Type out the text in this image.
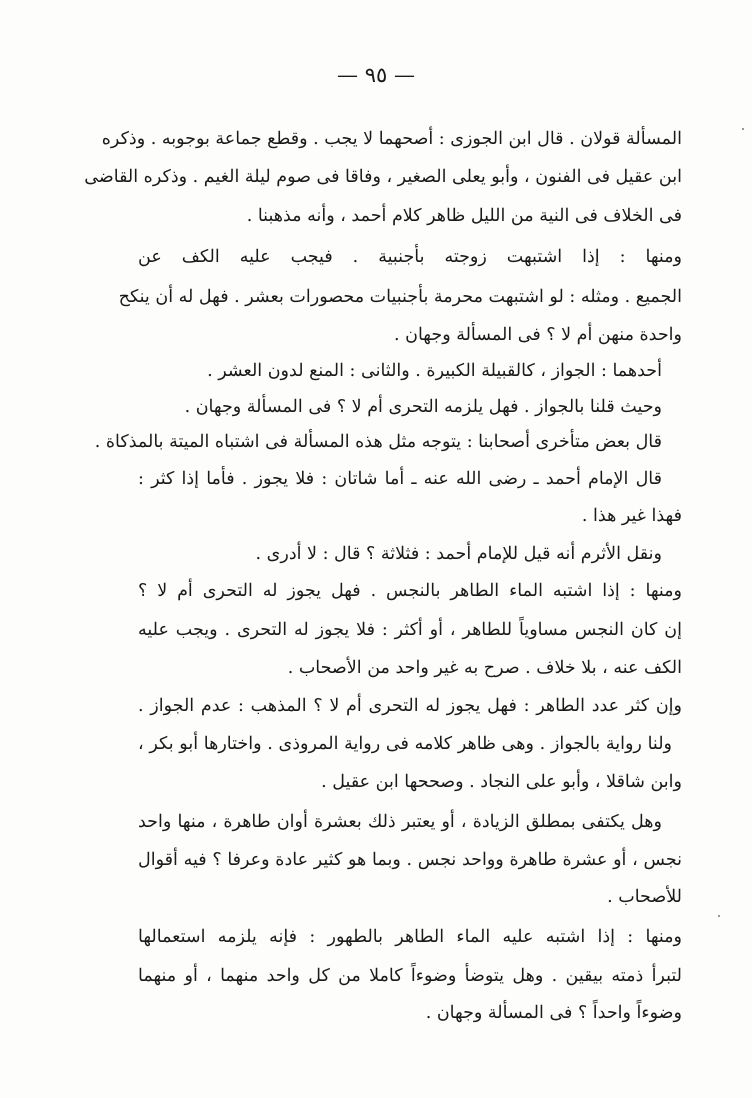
— ٩٥ —
المسألة قولان . قال ابن الجوزى : أصحهما لا يجب . وقطع جماعة بوجوبه . وذكره
ابن عقيل فى الفنون ، وأبو يعلى الصغير ، وفاقا فى صوم ليلة الغيم . وذكره القاضى
فى الخلاف فى النية من الليل ظاهر كلام أحمد ، وأنه مذهبنا .
ومنها : إذا اشتبهت زوجته بأجنبية . فيجب عليه الكف عن
الجميع . ومثله : لو اشتبهت محرمة بأجنبيات محصورات بعشر . فهل له أن ينكح
واحدة منهن أم لا ؟ فى المسألة وجهان .
أحدهما : الجواز ، كالقبيلة الكبيرة . والثانى : المنع لدون العشر .
وحيث قلنا بالجواز . فهل يلزمه التحرى أم لا ؟ فى المسألة وجهان .
قال بعض متأخرى أصحابنا : يتوجه مثل هذه المسألة فى اشتباه الميتة بالمذكاة .
قال الإمام أحمد ـ رضى الله عنه ـ أما شاتان : فلا يجوز . فأما إذا كثر :
فهذا غير هذا .
ونقل الأثرم أنه قيل للإمام أحمد : فثلاثة ؟ قال : لا أدرى .
ومنها : إذا اشتبه الماء الطاهر بالنجس . فهل يجوز له التحرى أم لا ؟
إن كان النجس مساوياً للطاهر ، أو أكثر : فلا يجوز له التحرى . ويجب عليه
الكف عنه ، بلا خلاف . صرح به غير واحد من الأصحاب .
وإن كثر عدد الطاهر : فهل يجوز له التحرى أم لا ؟ المذهب : عدم الجواز .
ولنا رواية بالجواز . وهى ظاهر كلامه فى رواية المروذى . واختارها أبو بكر ،
وابن شاقلا ، وأبو على النجاد . وصححها ابن عقيل .
وهل يكتفى بمطلق الزيادة ، أو يعتبر ذلك بعشرة أوان طاهرة ، منها واحد
نجس ، أو عشرة طاهرة وواحد نجس . وبما هو كثير عادة وعرفا ؟ فيه أقوال
للأصحاب .
ومنها : إذا اشتبه عليه الماء الطاهر بالطهور : فإنه يلزمه استعمالها
لتبرأ ذمته بيقين . وهل يتوضأ وضوءاً كاملا من كل واحد منهما ، أو منهما
وضوءاً واحداً ؟ فى المسألة وجهان .
